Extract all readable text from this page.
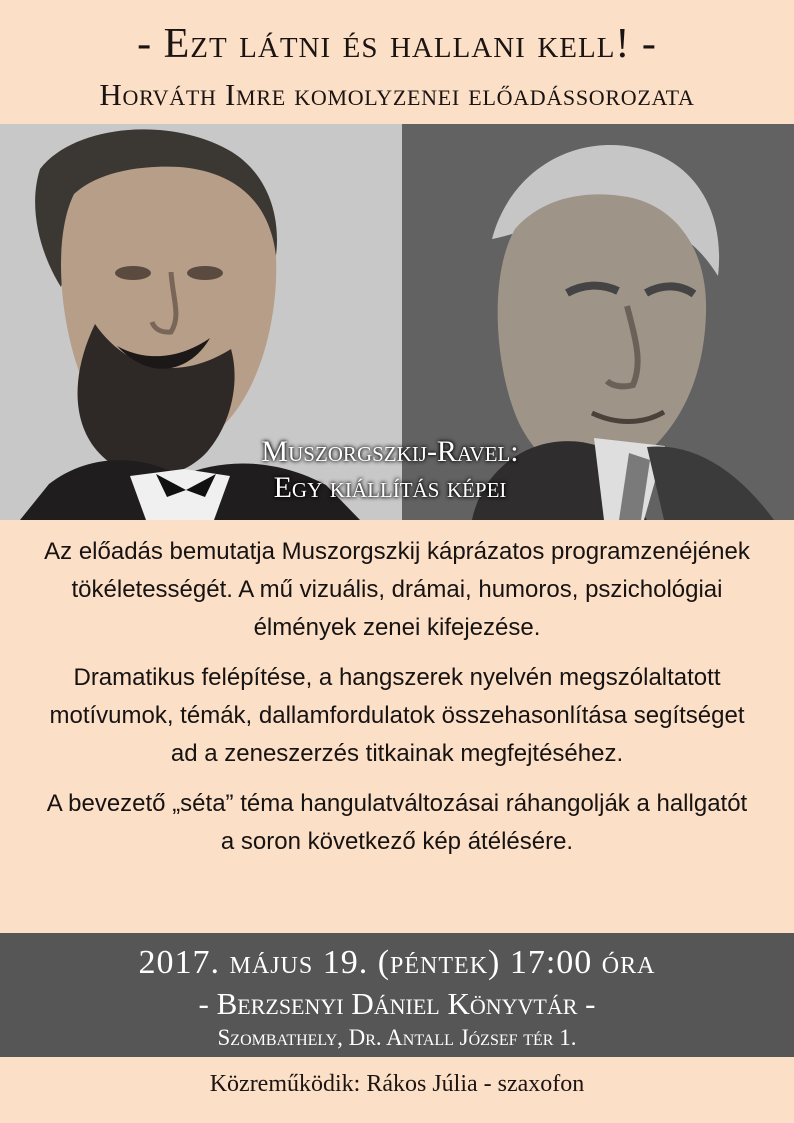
- Ezt látni és hallani kell! -
Horváth Imre komolyzenei előadássorozata
Muszorgszkij-Ravel:
Egy kiállítás képei

Az előadás bemutatja Muszorgszkij káprázatos programzenéjének tökéletességét. A mű vizuális, drámai, humoros, pszichológiai élmények zenei kifejezése.

Dramatikus felépítése, a hangszerek nyelvén megszólaltatott motívumok, témák, dallamfordulatok összehasonlítása segítséget ad a zeneszerzés titkainak megfejtéséhez.

A bevezető „séta” téma hangulatváltozásai ráhangolják a hallgatót a soron következő kép átélésére.

2017. május 19. (péntek) 17:00 óra
- Berzsenyi Dániel Könyvtár -
Szombathely, Dr. Antall József tér 1.
Közreműködik: Rákos Júlia - szaxofon
